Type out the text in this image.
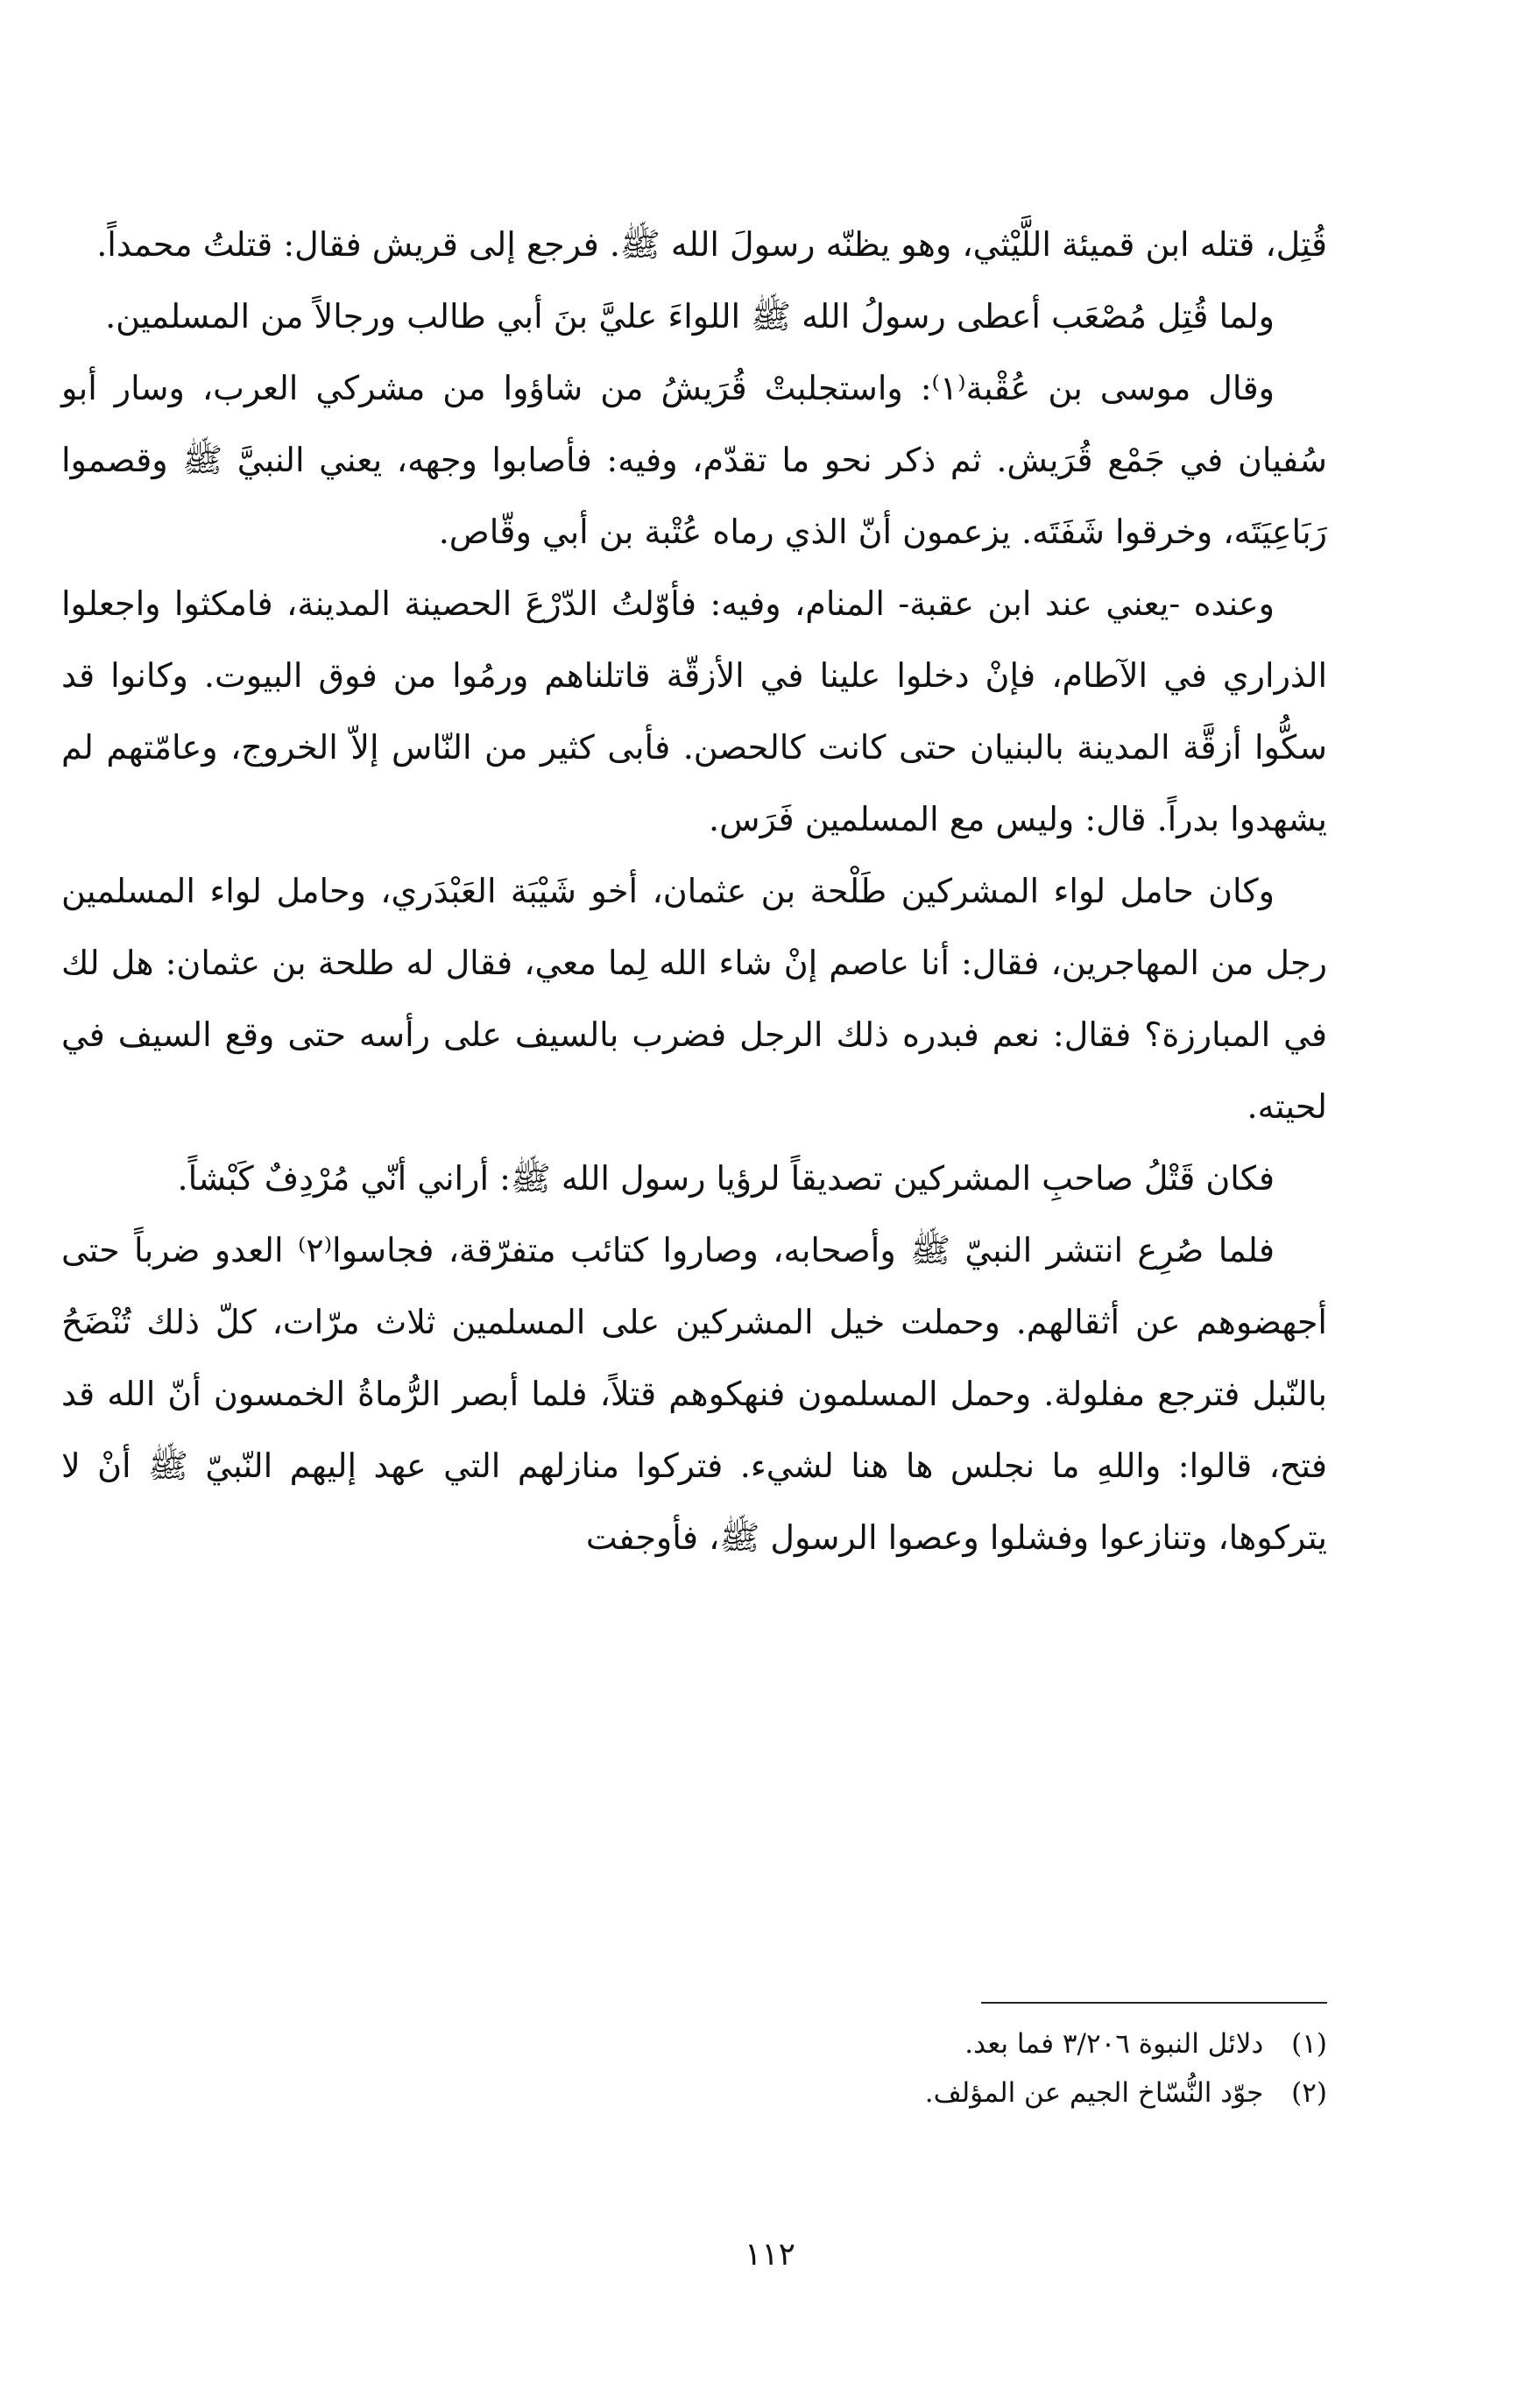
قُتِل، قتله ابن قميئة اللَّيْثي، وهو يظنّه رسولَ الله ﷺ. فرجع إلى قريش فقال: قتلتُ محمداً.

ولما قُتِل مُصْعَب أعطى رسولُ الله ﷺ اللواءَ عليَّ بنَ أبي طالب ورجالاً من المسلمين.

وقال موسى بن عُقْبة⁽١⁾: واستجلبتْ قُرَيشُ من شاؤوا من مشركي العرب، وسار أبو سُفيان في جَمْع قُرَيش. ثم ذكر نحو ما تقدّم، وفيه: فأصابوا وجهه، يعني النبيَّ ﷺ وقصموا رَبَاعِيَتَه، وخرقوا شَفَتَه. يزعمون أنّ الذي رماه عُتْبة بن أبي وقّاص.

وعنده -يعني عند ابن عقبة- المنام، وفيه: فأوّلتُ الدّرْعَ الحصينة المدينة، فامكثوا واجعلوا الذراري في الآطام، فإنْ دخلوا علينا في الأزقّة قاتلناهم ورمُوا من فوق البيوت. وكانوا قد سكُّوا أزقَّة المدينة بالبنيان حتى كانت كالحصن. فأبى كثير من النّاس إلاّ الخروج، وعامّتهم لم يشهدوا بدراً. قال: وليس مع المسلمين فَرَس.

وكان حامل لواء المشركين طَلْحة بن عثمان، أخو شَيْبَة العَبْدَري، وحامل لواء المسلمين رجل من المهاجرين، فقال: أنا عاصم إنْ شاء الله لِما معي، فقال له طلحة بن عثمان: هل لك في المبارزة؟ فقال: نعم فبدره ذلك الرجل فضرب بالسيف على رأسه حتى وقع السيف في لحيته.

فكان قَتْلُ صاحبِ المشركين تصديقاً لرؤيا رسول الله ﷺ: أراني أنّي مُرْدِفٌ كَبْشاً.

فلما صُرِع انتشر النبيّ ﷺ وأصحابه، وصاروا كتائب متفرّقة، فجاسوا⁽٢⁾ العدو ضرباً حتى أجهضوهم عن أثقالهم. وحملت خيل المشركين على المسلمين ثلاث مرّات، كلّ ذلك تُنْضَحُ بالنّبل فترجع مفلولة. وحمل المسلمون فنهكوهم قتلاً، فلما أبصر الرُّماةُ الخمسون أنّ الله قد فتح، قالوا: واللهِ ما نجلس ها هنا لشيء. فتركوا منازلهم التي عهد إليهم النّبيّ ﷺ أنْ لا يتركوها، وتنازعوا وفشلوا وعصوا الرسول ﷺ، فأوجفت

(١) دلائل النبوة ٣/٢٠٦ فما بعد.

(٢) جوّد النُّسّاخ الجيم عن المؤلف.

١١٢
